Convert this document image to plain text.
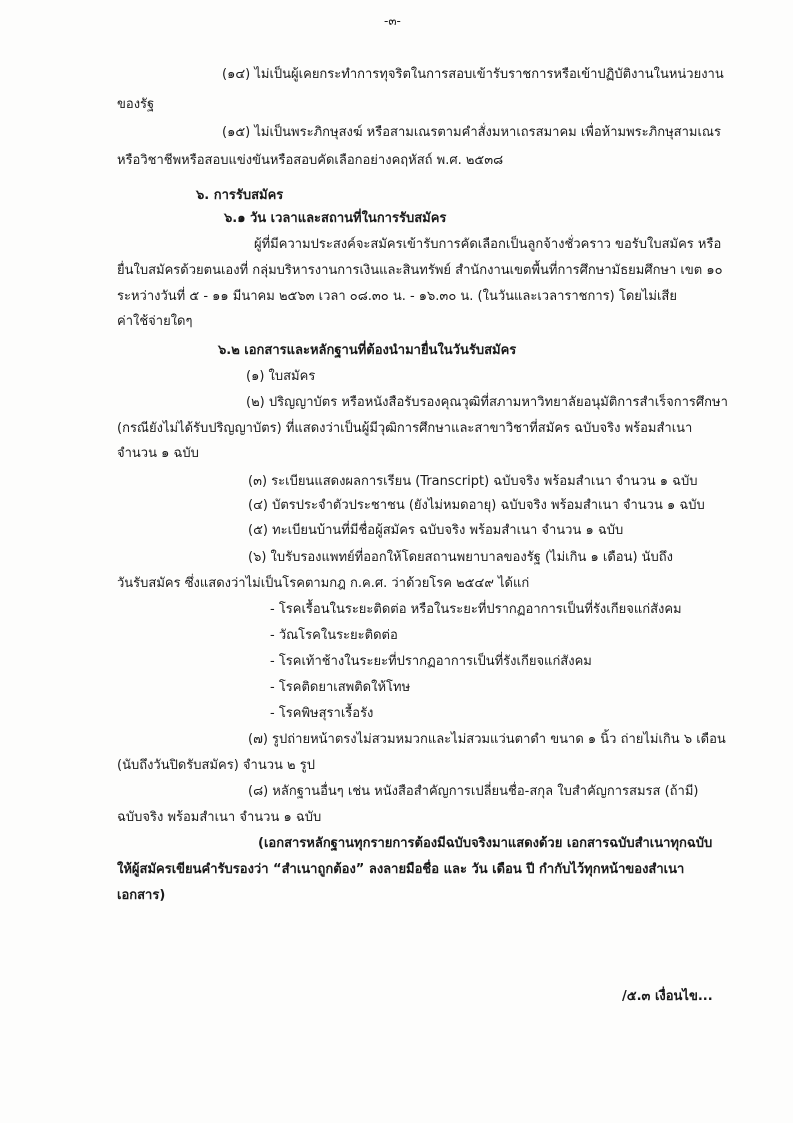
-๓-
(๑๔) ไม่เป็นผู้เคยกระทำการทุจริตในการสอบเข้ารับราชการหรือเข้าปฏิบัติงานในหน่วยงาน
ของรัฐ
(๑๕) ไม่เป็นพระภิกษุสงฆ์ หรือสามเณรตามคำสั่งมหาเถรสมาคม เพื่อห้ามพระภิกษุสามเณร
หรือวิชาชีพหรือสอบแข่งขันหรือสอบคัดเลือกอย่างคฤหัสถ์ พ.ศ. ๒๕๓๘
๖. การรับสมัคร
๖.๑ วัน เวลาและสถานที่ในการรับสมัคร
ผู้ที่มีความประสงค์จะสมัครเข้ารับการคัดเลือกเป็นลูกจ้างชั่วคราว ขอรับใบสมัคร หรือ
ยื่นใบสมัครด้วยตนเองที่ กลุ่มบริหารงานการเงินและสินทรัพย์ สำนักงานเขตพื้นที่การศึกษามัธยมศึกษา เขต ๑๐
ระหว่างวันที่ ๕ - ๑๑ มีนาคม ๒๕๖๓ เวลา ๐๘.๓๐ น. - ๑๖.๓๐ น. (ในวันและเวลาราชการ) โดยไม่เสีย
ค่าใช้จ่ายใดๆ
๖.๒ เอกสารและหลักฐานที่ต้องนำมายื่นในวันรับสมัคร
(๑) ใบสมัคร
(๒) ปริญญาบัตร หรือหนังสือรับรองคุณวุฒิที่สภามหาวิทยาลัยอนุมัติการสำเร็จการศึกษา
(กรณียังไม่ได้รับปริญญาบัตร) ที่แสดงว่าเป็นผู้มีวุฒิการศึกษาและสาขาวิชาที่สมัคร ฉบับจริง พร้อมสำเนา
จำนวน ๑ ฉบับ
(๓) ระเบียนแสดงผลการเรียน (Transcript) ฉบับจริง พร้อมสำเนา จำนวน ๑ ฉบับ
(๔) บัตรประจำตัวประชาชน (ยังไม่หมดอายุ) ฉบับจริง พร้อมสำเนา จำนวน ๑ ฉบับ
(๕) ทะเบียนบ้านที่มีชื่อผู้สมัคร ฉบับจริง พร้อมสำเนา จำนวน ๑ ฉบับ
(๖) ใบรับรองแพทย์ที่ออกให้โดยสถานพยาบาลของรัฐ (ไม่เกิน ๑ เดือน) นับถึง
วันรับสมัคร ซึ่งแสดงว่าไม่เป็นโรคตามกฎ ก.ค.ศ. ว่าด้วยโรค ๒๕๔๙ ได้แก่
- โรคเรื้อนในระยะติดต่อ หรือในระยะที่ปรากฏอาการเป็นที่รังเกียจแก่สังคม
- วัณโรคในระยะติดต่อ
- โรคเท้าช้างในระยะที่ปรากฏอาการเป็นที่รังเกียจแก่สังคม
- โรคติดยาเสพติดให้โทษ
- โรคพิษสุราเรื้อรัง
(๗) รูปถ่ายหน้าตรงไม่สวมหมวกและไม่สวมแว่นตาดำ ขนาด ๑ นิ้ว ถ่ายไม่เกิน ๖ เดือน
(นับถึงวันปิดรับสมัคร) จำนวน ๒ รูป
(๘) หลักฐานอื่นๆ เช่น หนังสือสำคัญการเปลี่ยนชื่อ-สกุล ใบสำคัญการสมรส (ถ้ามี)
ฉบับจริง พร้อมสำเนา จำนวน ๑ ฉบับ
(เอกสารหลักฐานทุกรายการต้องมีฉบับจริงมาแสดงด้วย เอกสารฉบับสำเนาทุกฉบับ
ให้ผู้สมัครเขียนคำรับรองว่า “สำเนาถูกต้อง” ลงลายมือชื่อ และ วัน เดือน ปี กำกับไว้ทุกหน้าของสำเนา
เอกสาร)
/๕.๓ เงื่อนไข...
